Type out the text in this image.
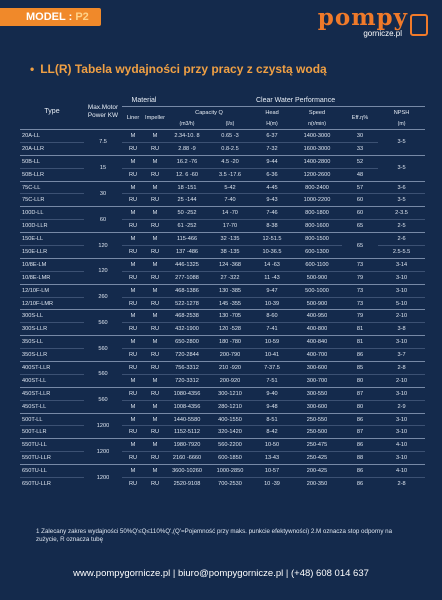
MODEL : P2	pompy
gornicze.pl
• LL(R) Tabela wydajności przy pracy z czystą wodą
Type	Max.Motor Power KW	Material		Clear Water Performance					
		Liner	Impeller	Capacity Q		Head	Speed	Eff.η%	NPSH
				(m3/h)	(l/s)	H(m)	n(r/min)		(m)
20A-LL	7.5	M	M	2.34-10. 8	0.65 -3	6-37	1400-3000	30	3-5
20A-LLR		RU	RU	2.88 -9	0.8-2.5	7-32	1600-3000	33	
50B-LL	15	M	M	16.2 -76	4.5 -20	9-44	1400-2800	52	3-5
50B-LLR		RU	RU	12. 6 -60	3.5 -17.6	6-36	1200-2600	48	
75C-LL	30	M	M	18 -151	5-42	4-45	800-2400	57	3-6
75C-LLR		RU	RU	25 -144	7-40	9-43	1000-2200	60	3-5
100D-LL	60	M	M	50 -252	14 -70	7-46	800-1800	60	2-3.5
100D-LLR		RU	RU	61 -252	17-70	8-38	800-1600	65	2-5
150E-LL	120	M	M	115-466	32 -135	12-51.5	800-1500	65	2-6
150E-LLR		RU	RU	137 -486	38 -135	10-36.5	600-1300		2.5-5.5
10/8E-LM	120	M	M	446-1325	124 -368	14 -63	600-1100	73	3-14
10/8E-LMR		RU	RU	277-1088	27 -322	11 -43	500-900	79	3-10
12/10F-LM	260	M	M	468-1386	130 -385	9-47	500-1000	73	3-10
12/10F-LMR		RU	RU	522-1278	145 -355	10-39	500-900	73	5-10
300S-LL	560	M	M	468-2538	130 -705	8-60	400-950	79	2-10
300S-LLR		RU	RU	432-1900	120 -528	7-41	400-800	81	3-8
350S-LL	560	M	M	650-2800	180 -780	10-59	400-840	81	3-10
350S-LLR		RU	RU	720-2844	200-790	10-41	400-700	86	3-7
400ST-LLR	560	RU	RU	756-3312	210 -920	7-37.5	300-600	85	2-8
400ST-LL		M	M	720-3312	200-920	7-51	300-700	80	2-10
450ST-LLR	560	RU	RU	1080-4356	300-1210	9-40	300-550	87	3-10
450ST-LL		M	M	1008-4356	280-1210	9-48	300-600	80	2-9
500T-LL	1200	M	M	1440-5580	400-1550	8-51	250-550	86	3-10
500T-LLR		RU	RU	1152-5112	320-1420	8-42	250-500	87	3-10
550TU-LL	1200	M	M	1980-7920	560-2200	10-50	250-475	86	4-10
550TU-LLR		RU	RU	2160 -6660	600-1850	13-43	250-425	88	3-10
650TU-LL	1200	M	M	3600-10260	1000-2850	10-57	200-425	86	4-10
650TU-LLR		RU	RU	2520-9108	700-2530	10 -39	200-350	86	2-8
1 Zalecany zakres wydajności 50%Q'≤Q≤110%Q',(Q'=Pojemność przy maks. punkcie efektywności) 2.M oznacza stop odporny na zużycie, R oznacza tubę
www.pompygornicze.pl | biuro@pompygornicze.pl | (+48) 608 014 637
